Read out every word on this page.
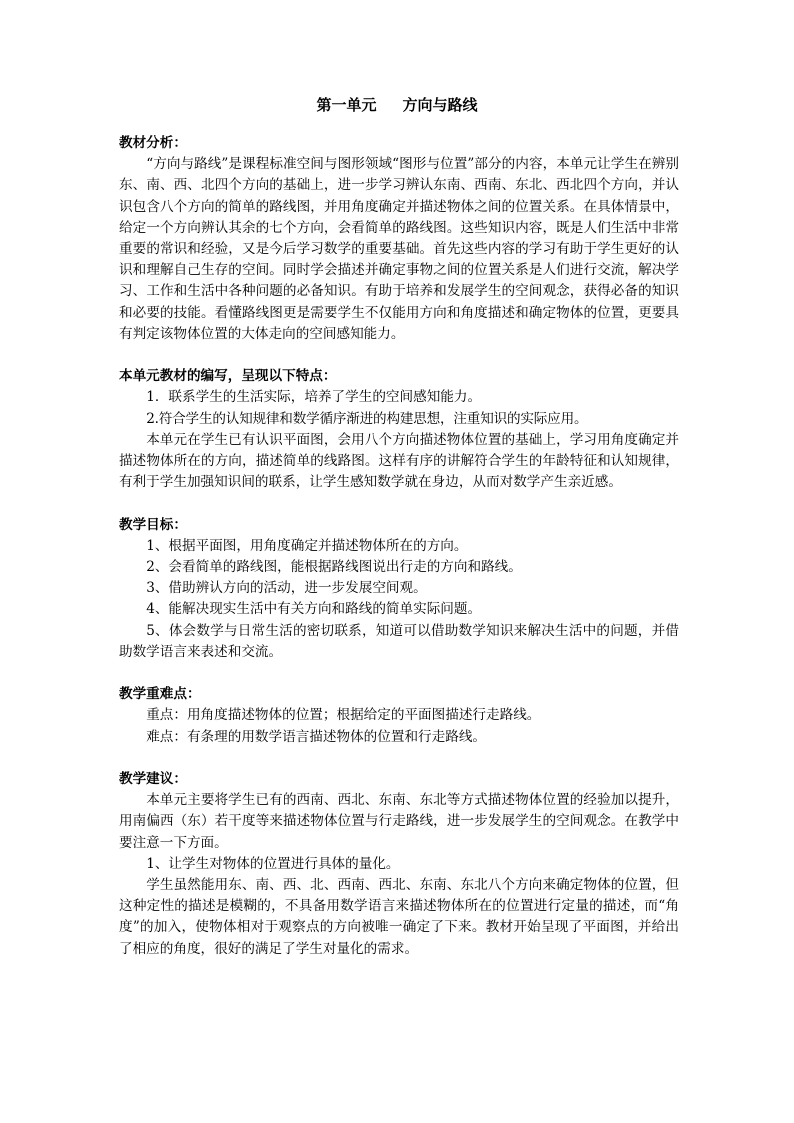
第一单元 方向与路线

教材分析：

“方向与路线”是课程标准空间与图形领域“图形与位置”部分的内容，本单元让学生在辨别东、南、西、北四个方向的基础上，进一步学习辨认东南、西南、东北、西北四个方向，并认识包含八个方向的简单的路线图，并用角度确定并描述物体之间的位置关系。在具体情景中，给定一个方向辨认其余的七个方向，会看简单的路线图。这些知识内容，既是人们生活中非常重要的常识和经验，又是今后学习数学的重要基础。首先这些内容的学习有助于学生更好的认识和理解自己生存的空间。同时学会描述并确定事物之间的位置关系是人们进行交流，解决学习、工作和生活中各种问题的必备知识。有助于培养和发展学生的空间观念，获得必备的知识和必要的技能。看懂路线图更是需要学生不仅能用方向和角度描述和确定物体的位置，更要具有判定该物体位置的大体走向的空间感知能力。

本单元教材的编写，呈现以下特点：

1．联系学生的生活实际，培养了学生的空间感知能力。

2.符合学生的认知规律和数学循序渐进的构建思想，注重知识的实际应用。

本单元在学生已有认识平面图，会用八个方向描述物体位置的基础上，学习用角度确定并描述物体所在的方向，描述简单的线路图。这样有序的讲解符合学生的年龄特征和认知规律，有利于学生加强知识间的联系，让学生感知数学就在身边，从而对数学产生亲近感。

教学目标：

1、根据平面图，用角度确定并描述物体所在的方向。

2、会看简单的路线图，能根据路线图说出行走的方向和路线。

3、借助辨认方向的活动，进一步发展空间观。

4、能解决现实生活中有关方向和路线的简单实际问题。

5、体会数学与日常生活的密切联系，知道可以借助数学知识来解决生活中的问题，并借助数学语言来表述和交流。

教学重难点：

重点：用角度描述物体的位置；根据给定的平面图描述行走路线。

难点：有条理的用数学语言描述物体的位置和行走路线。

教学建议：

本单元主要将学生已有的西南、西北、东南、东北等方式描述物体位置的经验加以提升，用南偏西（东）若干度等来描述物体位置与行走路线，进一步发展学生的空间观念。在教学中要注意一下方面。

1、让学生对物体的位置进行具体的量化。

学生虽然能用东、南、西、北、西南、西北、东南、东北八个方向来确定物体的位置，但这种定性的描述是模糊的，不具备用数学语言来描述物体所在的位置进行定量的描述，而“角度”的加入，使物体相对于观察点的方向被唯一确定了下来。教材开始呈现了平面图，并给出了相应的角度，很好的满足了学生对量化的需求。
